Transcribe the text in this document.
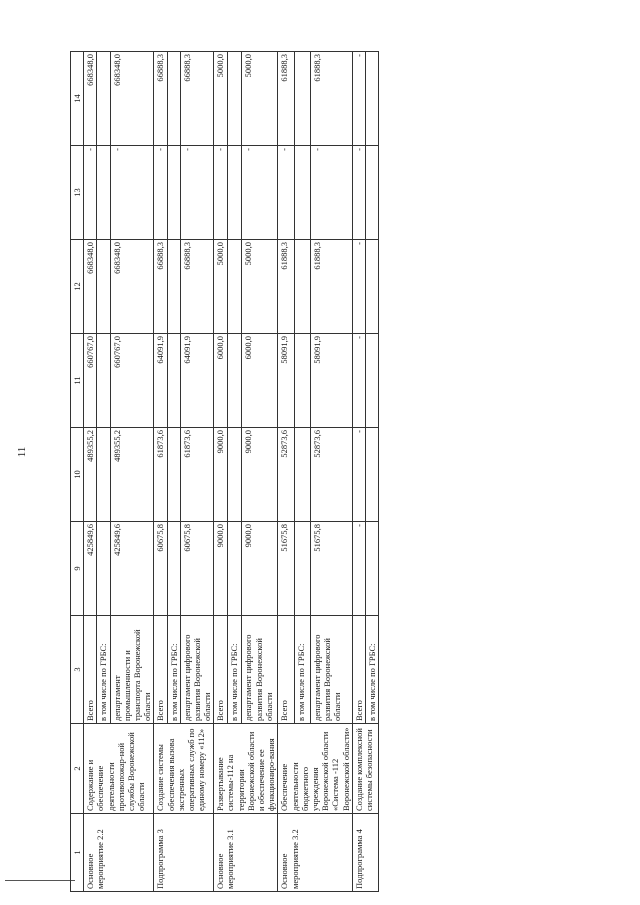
11
1	2	3	9	10	11	12	13	14
Основное мероприятие 2.2	Содержание и обеспечение деятельности противопожар-ной службы Воронежской области	Всего	425849,6	489355,2	660767,0	668348,0	-	668348,0
		в том числе по ГРБС:						
		департамент промышленности и транспорта Воронежской области	425849,6	489355,2	660767,0	668348,0	-	668348,0
Подпрограмма 3	Создание системы обеспечения вызова экстренных оперативных служб по единому номеру «112»	Всего	60675,8	61873,6	64091,9	66888,3	-	66888,3
		в том числе по ГРБС:						
		департамент цифрового развития Воронежской области	60675,8	61873,6	64091,9	66888,3	-	66888,3
Основное мероприятие 3.1	Развертывание системы-112 на территории Воронежской области и обеспечение ее функциониро-вания	Всего	9000,0	9000,0	6000,0	5000,0	-	5000,0
		в том числе по ГРБС:						
		департамент цифрового развития Воронежской области	9000,0	9000,0	6000,0	5000,0	-	5000,0
Основное мероприятие 3.2	Обеспечение деятельности бюджетного учреждения Воронежской области «Система -112 Воронежской области»	Всего	51675,8	52873,6	58091,9	61888,3	-	61888,3
		в том числе по ГРБС:						
		департамент цифрового развития Воронежской области	51675,8	52873,6	58091,9	61888,3	-	61888,3
Подпрограмма 4	Создание комплексной системы безопасности	Всего	-	-	-	-	-	-
		в том числе по ГРБС:						
